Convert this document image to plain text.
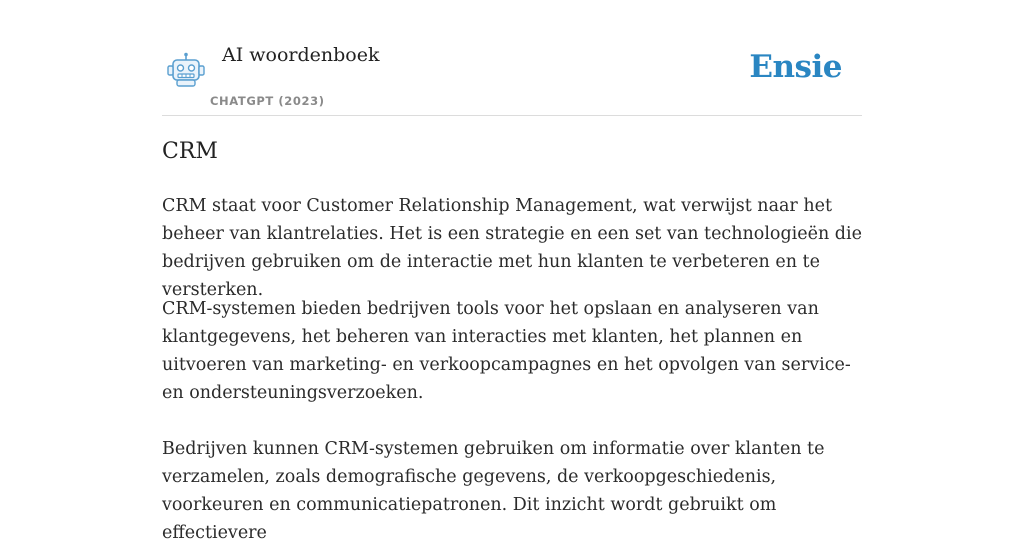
AI woordenboek
CHATGPT (2023)
Ensie
CRM

CRM staat voor Customer Relationship Management, wat verwijst naar het beheer van klantrelaties. Het is een strategie en een set van technologieën die bedrijven gebruiken om de interactie met hun klanten te verbeteren en te versterken.

CRM-systemen bieden bedrijven tools voor het opslaan en analyseren van klantgegevens, het beheren van interacties met klanten, het plannen en uitvoeren van marketing- en verkoopcampagnes en het opvolgen van service- en ondersteuningsverzoeken.

Bedrijven kunnen CRM-systemen gebruiken om informatie over klanten te verzamelen, zoals demografische gegevens, de verkoopgeschiedenis, voorkeuren en communicatiepatronen. Dit inzicht wordt gebruikt om effectievere
